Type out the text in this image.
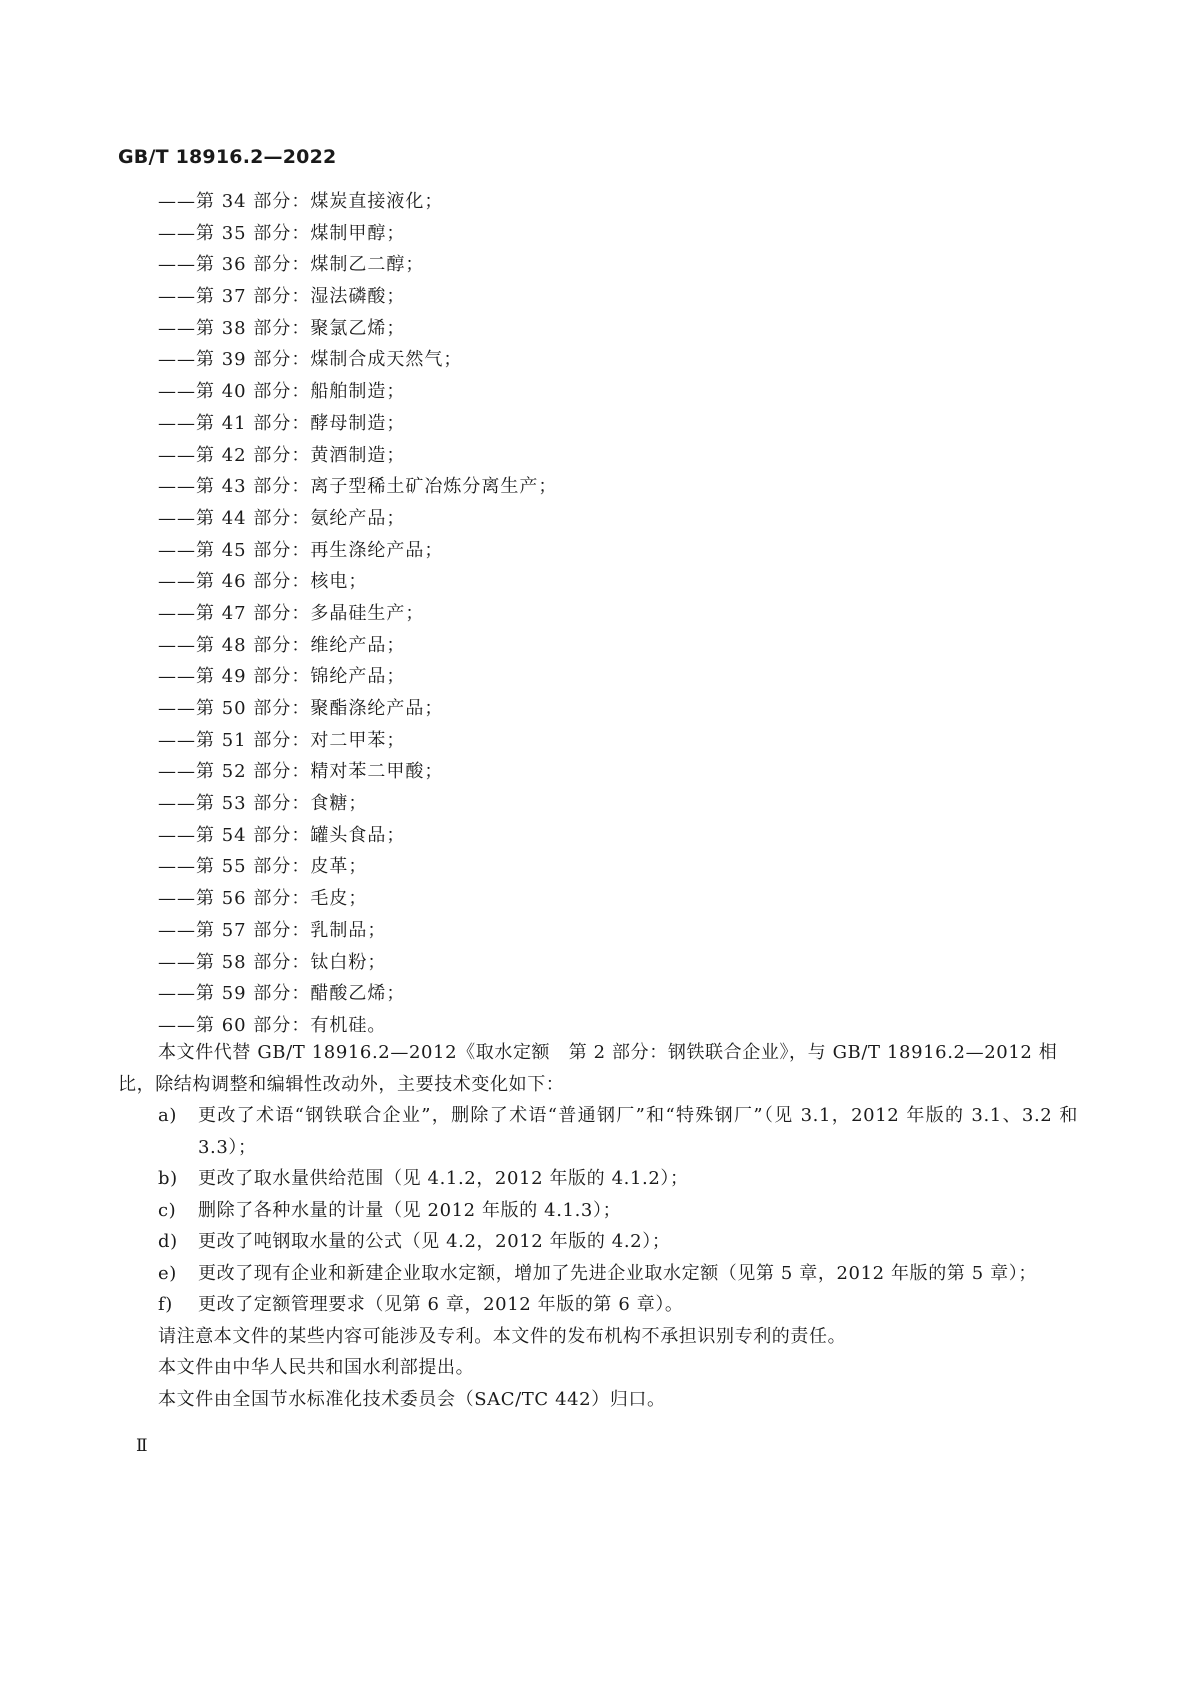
GB/T 18916.2—2022
——第 34 部分：煤炭直接液化；
——第 35 部分：煤制甲醇；
——第 36 部分：煤制乙二醇；
——第 37 部分：湿法磷酸；
——第 38 部分：聚氯乙烯；
——第 39 部分：煤制合成天然气；
——第 40 部分：船舶制造；
——第 41 部分：酵母制造；
——第 42 部分：黄酒制造；
——第 43 部分：离子型稀土矿冶炼分离生产；
——第 44 部分：氨纶产品；
——第 45 部分：再生涤纶产品；
——第 46 部分：核电；
——第 47 部分：多晶硅生产；
——第 48 部分：维纶产品；
——第 49 部分：锦纶产品；
——第 50 部分：聚酯涤纶产品；
——第 51 部分：对二甲苯；
——第 52 部分：精对苯二甲酸；
——第 53 部分：食糖；
——第 54 部分：罐头食品；
——第 55 部分：皮革；
——第 56 部分：毛皮；
——第 57 部分：乳制品；
——第 58 部分：钛白粉；
——第 59 部分：醋酸乙烯；
——第 60 部分：有机硅。

本文件代替 GB/T 18916.2—2012《取水定额　第 2 部分：钢铁联合企业》，与 GB/T 18916.2—2012 相比，除结构调整和编辑性改动外，主要技术变化如下：

a) 更改了术语“钢铁联合企业”，删除了术语“普通钢厂”和“特殊钢厂”（见 3.1，2012 年版的 3.1、3.2 和 3.3）；
b) 更改了取水量供给范围（见 4.1.2，2012 年版的 4.1.2）；
c) 删除了各种水量的计量（见 2012 年版的 4.1.3）；
d) 更改了吨钢取水量的公式（见 4.2，2012 年版的 4.2）；
e) 更改了现有企业和新建企业取水定额，增加了先进企业取水定额（见第 5 章，2012 年版的第 5 章）；
f) 更改了定额管理要求（见第 6 章，2012 年版的第 6 章）。

请注意本文件的某些内容可能涉及专利。本文件的发布机构不承担识别专利的责任。

本文件由中华人民共和国水利部提出。

本文件由全国节水标准化技术委员会（SAC/TC 442）归口。

Ⅱ
